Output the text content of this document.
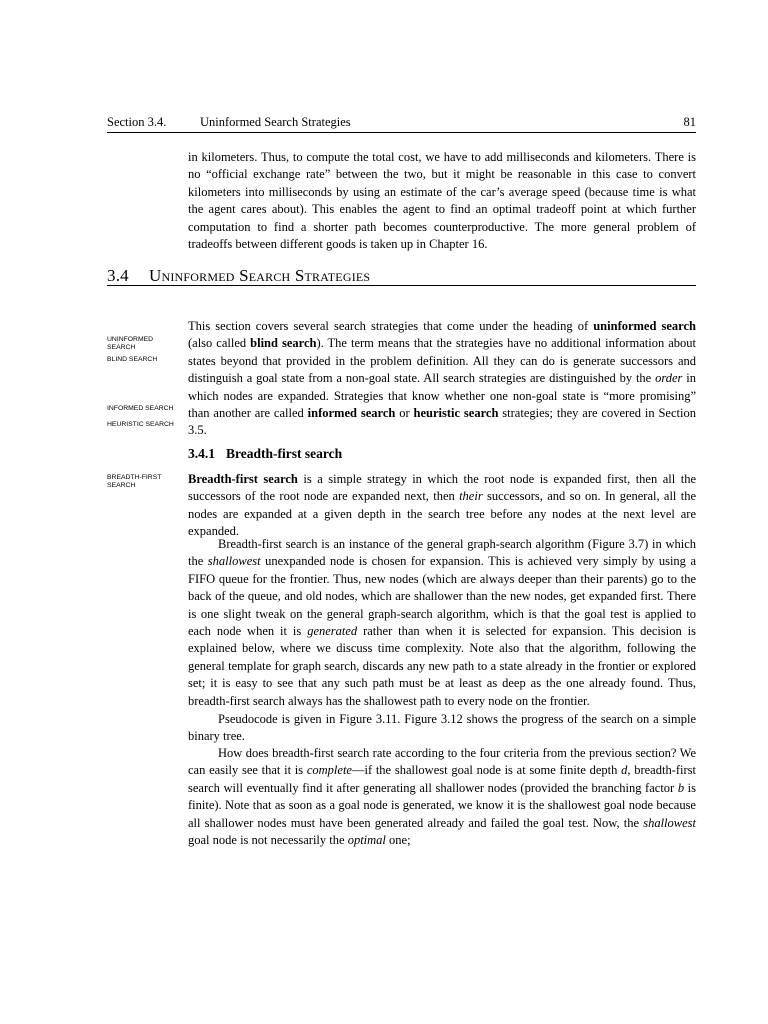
Section 3.4.	Uninformed Search Strategies	81

in kilometers. Thus, to compute the total cost, we have to add milliseconds and kilometers. There is no “official exchange rate” between the two, but it might be reasonable in this case to convert kilometers into milliseconds by using an estimate of the car’s average speed (because time is what the agent cares about). This enables the agent to find an optimal tradeoff point at which further computation to find a shorter path becomes counterproductive. The more general problem of tradeoffs between different goods is taken up in Chapter 16.

3.4 Uninformed Search Strategies

UNINFORMED SEARCH

BLIND SEARCH

INFORMED SEARCH

HEURISTIC SEARCH

BREADTH-FIRST SEARCH

This section covers several search strategies that come under the heading of uninformed search (also called blind search). The term means that the strategies have no additional information about states beyond that provided in the problem definition. All they can do is generate successors and distinguish a goal state from a non-goal state. All search strategies are distinguished by the order in which nodes are expanded. Strategies that know whether one non-goal state is “more promising” than another are called informed search or heuristic search strategies; they are covered in Section 3.5.

3.4.1 Breadth-first search

Breadth-first search is a simple strategy in which the root node is expanded first, then all the successors of the root node are expanded next, then their successors, and so on. In general, all the nodes are expanded at a given depth in the search tree before any nodes at the next level are expanded.

Breadth-first search is an instance of the general graph-search algorithm (Figure 3.7) in which the shallowest unexpanded node is chosen for expansion. This is achieved very simply by using a FIFO queue for the frontier. Thus, new nodes (which are always deeper than their parents) go to the back of the queue, and old nodes, which are shallower than the new nodes, get expanded first. There is one slight tweak on the general graph-search algorithm, which is that the goal test is applied to each node when it is generated rather than when it is selected for expansion. This decision is explained below, where we discuss time complexity. Note also that the algorithm, following the general template for graph search, discards any new path to a state already in the frontier or explored set; it is easy to see that any such path must be at least as deep as the one already found. Thus, breadth-first search always has the shallowest path to every node on the frontier.

Pseudocode is given in Figure 3.11. Figure 3.12 shows the progress of the search on a simple binary tree.

How does breadth-first search rate according to the four criteria from the previous section? We can easily see that it is complete—if the shallowest goal node is at some finite depth d, breadth-first search will eventually find it after generating all shallower nodes (provided the branching factor b is finite). Note that as soon as a goal node is generated, we know it is the shallowest goal node because all shallower nodes must have been generated already and failed the goal test. Now, the shallowest goal node is not necessarily the optimal one;
